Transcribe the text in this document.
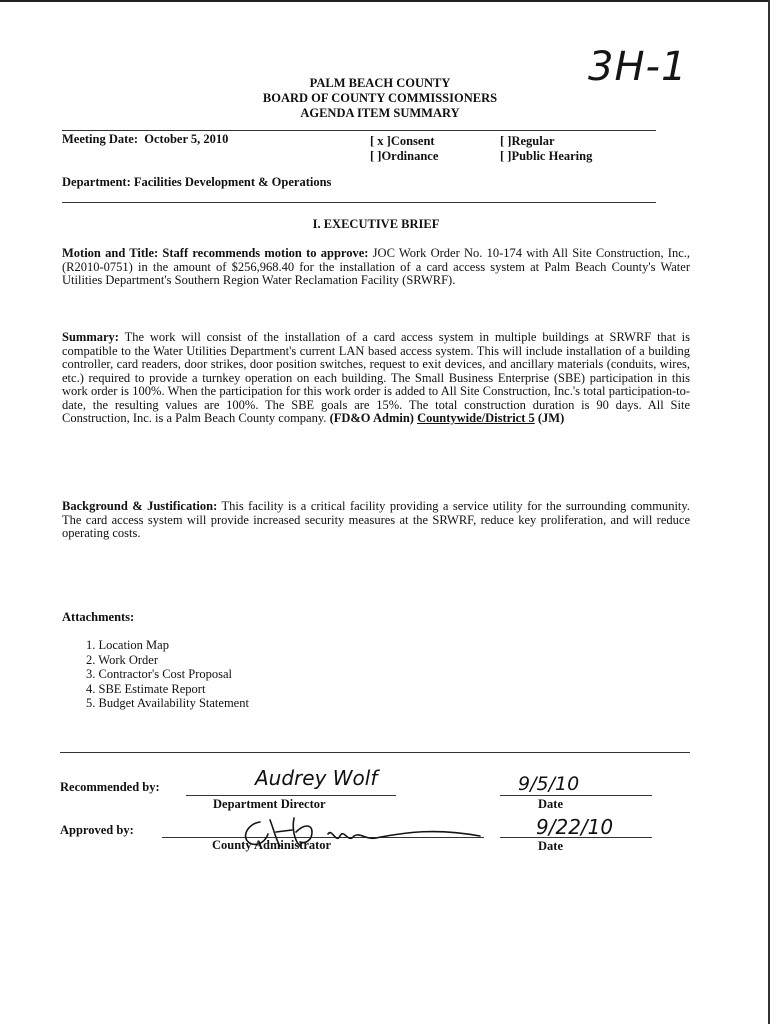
3H-1
PALM BEACH COUNTY
BOARD OF COUNTY COMMISSIONERS
AGENDA ITEM SUMMARY
Meeting Date: October 5, 2010	[ x ]Consent
[ ]Ordinance
[ ]Regular
[ ]Public Hearing
Department: Facilities Development & Operations
I. EXECUTIVE BRIEF
Motion and Title: Staff recommends motion to approve: JOC Work Order No. 10-174 with All Site Construction, Inc., (R2010-0751) in the amount of $256,968.40 for the installation of a card access system at Palm Beach County's Water Utilities Department's Southern Region Water Reclamation Facility (SRWRF).
Summary: The work will consist of the installation of a card access system in multiple buildings at SRWRF that is compatible to the Water Utilities Department's current LAN based access system. This will include installation of a building controller, card readers, door strikes, door position switches, request to exit devices, and ancillary materials (conduits, wires, etc.) required to provide a turnkey operation on each building. The Small Business Enterprise (SBE) participation in this work order is 100%. When the participation for this work order is added to All Site Construction, Inc.'s total participation-to-date, the resulting values are 100%. The SBE goals are 15%. The total construction duration is 90 days. All Site Construction, Inc. is a Palm Beach County company. (FD&O Admin) Countywide/District 5 (JM)
Background & Justification: This facility is a critical facility providing a service utility for the surrounding community. The card access system will provide increased security measures at the SRWRF, reduce key proliferation, and will reduce operating costs.
Attachments:
1. Location Map
2. Work Order
3. Contractor's Cost Proposal
4. SBE Estimate Report
5. Budget Availability Statement
Recommended by:	Audrey Wolf
Department Director
9/5/10
Date
Approved by:
County Administrator
9/22/10
Date
